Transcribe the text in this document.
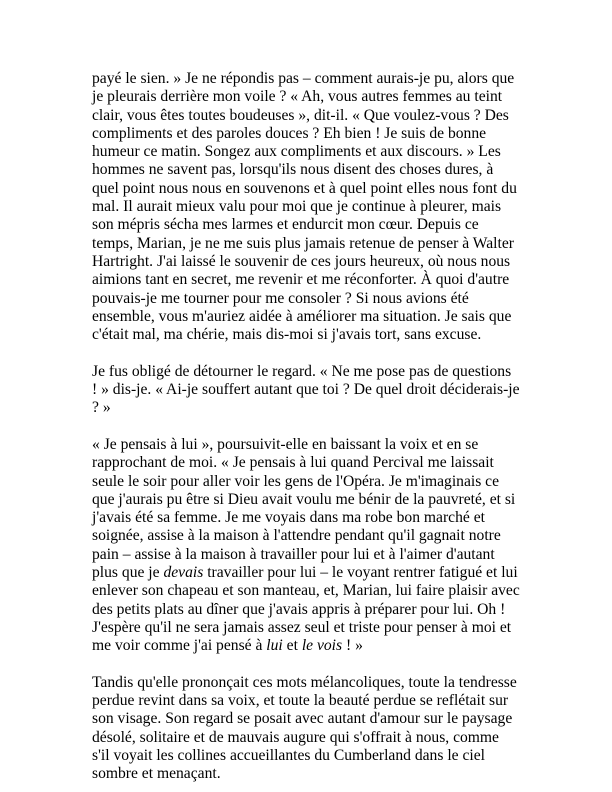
payé le sien. » Je ne répondis pas – comment aurais-je pu, alors que je pleurais derrière mon voile ? « Ah, vous autres femmes au teint clair, vous êtes toutes boudeuses », dit-il. « Que voulez-vous ? Des compliments et des paroles douces ? Eh bien ! Je suis de bonne humeur ce matin. Songez aux compliments et aux discours. » Les hommes ne savent pas, lorsqu'ils nous disent des choses dures, à quel point nous nous en souvenons et à quel point elles nous font du mal. Il aurait mieux valu pour moi que je continue à pleurer, mais son mépris sécha mes larmes et endurcit mon cœur. Depuis ce temps, Marian, je ne me suis plus jamais retenue de penser à Walter Hartright. J'ai laissé le souvenir de ces jours heureux, où nous nous aimions tant en secret, me revenir et me réconforter. À quoi d'autre pouvais-je me tourner pour me consoler ? Si nous avions été ensemble, vous m'auriez aidée à améliorer ma situation. Je sais que c'était mal, ma chérie, mais dis-moi si j'avais tort, sans excuse.

Je fus obligé de détourner le regard. « Ne me pose pas de questions ! » dis-je. « Ai-je souffert autant que toi ? De quel droit déciderais-je ? »

« Je pensais à lui », poursuivit-elle en baissant la voix et en se rapprochant de moi. « Je pensais à lui quand Percival me laissait seule le soir pour aller voir les gens de l'Opéra. Je m'imaginais ce que j'aurais pu être si Dieu avait voulu me bénir de la pauvreté, et si j'avais été sa femme. Je me voyais dans ma robe bon marché et soignée, assise à la maison à l'attendre pendant qu'il gagnait notre pain – assise à la maison à travailler pour lui et à l'aimer d'autant plus que je devais travailler pour lui – le voyant rentrer fatigué et lui enlever son chapeau et son manteau, et, Marian, lui faire plaisir avec des petits plats au dîner que j'avais appris à préparer pour lui. Oh ! J'espère qu'il ne sera jamais assez seul et triste pour penser à moi et me voir comme j'ai pensé à lui et le vois ! »

Tandis qu'elle prononçait ces mots mélancoliques, toute la tendresse perdue revint dans sa voix, et toute la beauté perdue se reflétait sur son visage. Son regard se posait avec autant d'amour sur le paysage désolé, solitaire et de mauvais augure qui s'offrait à nous, comme s'il voyait les collines accueillantes du Cumberland dans le ciel sombre et menaçant.
